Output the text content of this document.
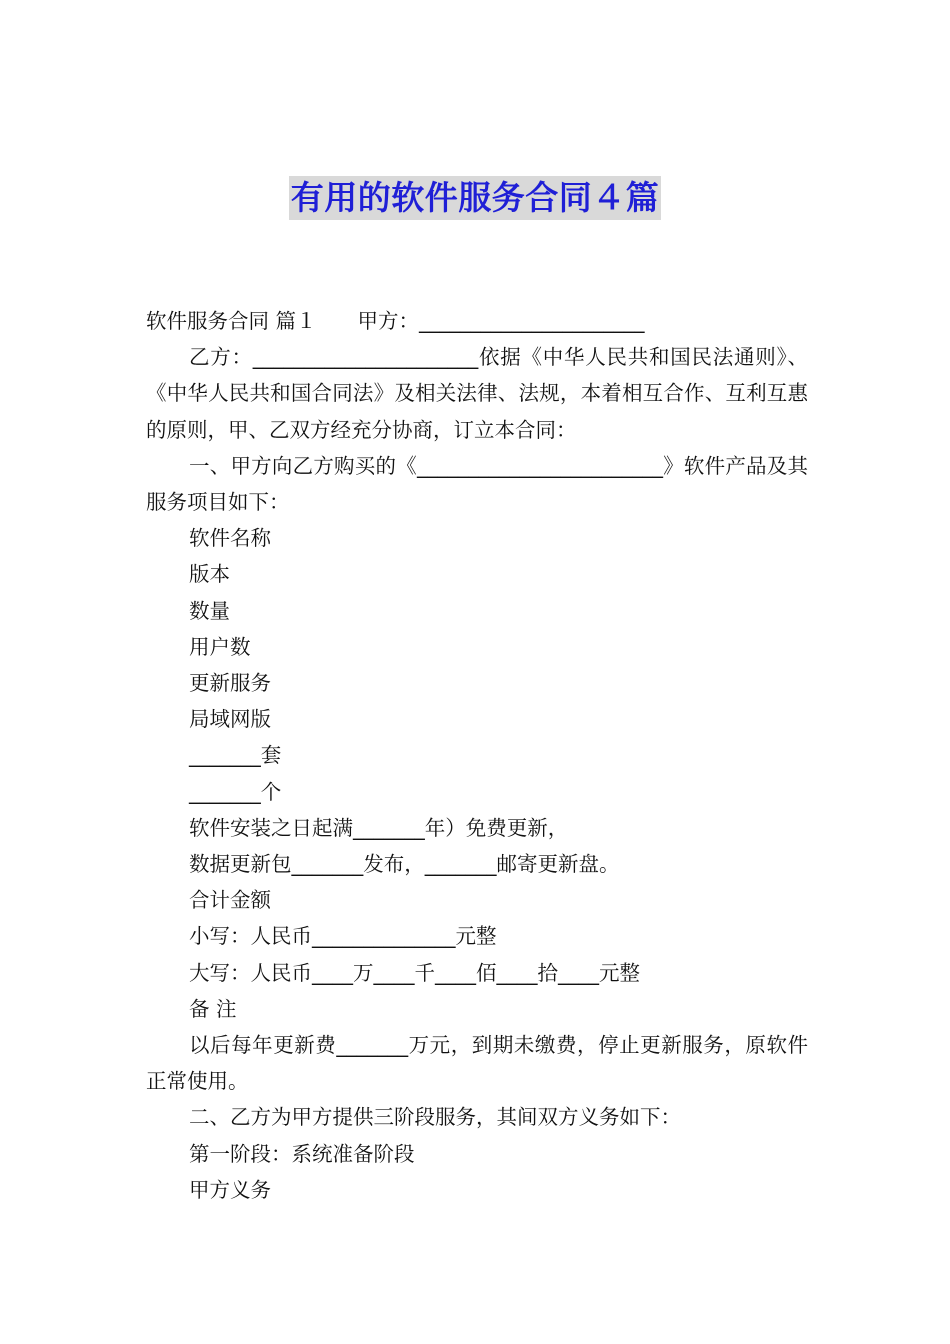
有用的软件服务合同４篇

软件服务合同 篇１　　甲方：______________________

乙方：______________________依据《中华人民共和国民法通则》、《中华人民共和国合同法》及相关法律、法规，本着相互合作、互利互惠的原则，甲、乙双方经充分协商，订立本合同：

一、甲方向乙方购买的《________________________》软件产品及其服务项目如下：

软件名称

版本

数量

用户数

更新服务

局域网版

_______套

_______个

软件安装之日起满_______年）免费更新，

数据更新包_______发布，_______邮寄更新盘。

合计金额

小写：人民币______________元整

大写：人民币____万____千____佰____拾____元整

备 注

以后每年更新费_______万元，到期未缴费，停止更新服务，原软件正常使用。

二、乙方为甲方提供三阶段服务，其间双方义务如下：

第一阶段：系统准备阶段

甲方义务
